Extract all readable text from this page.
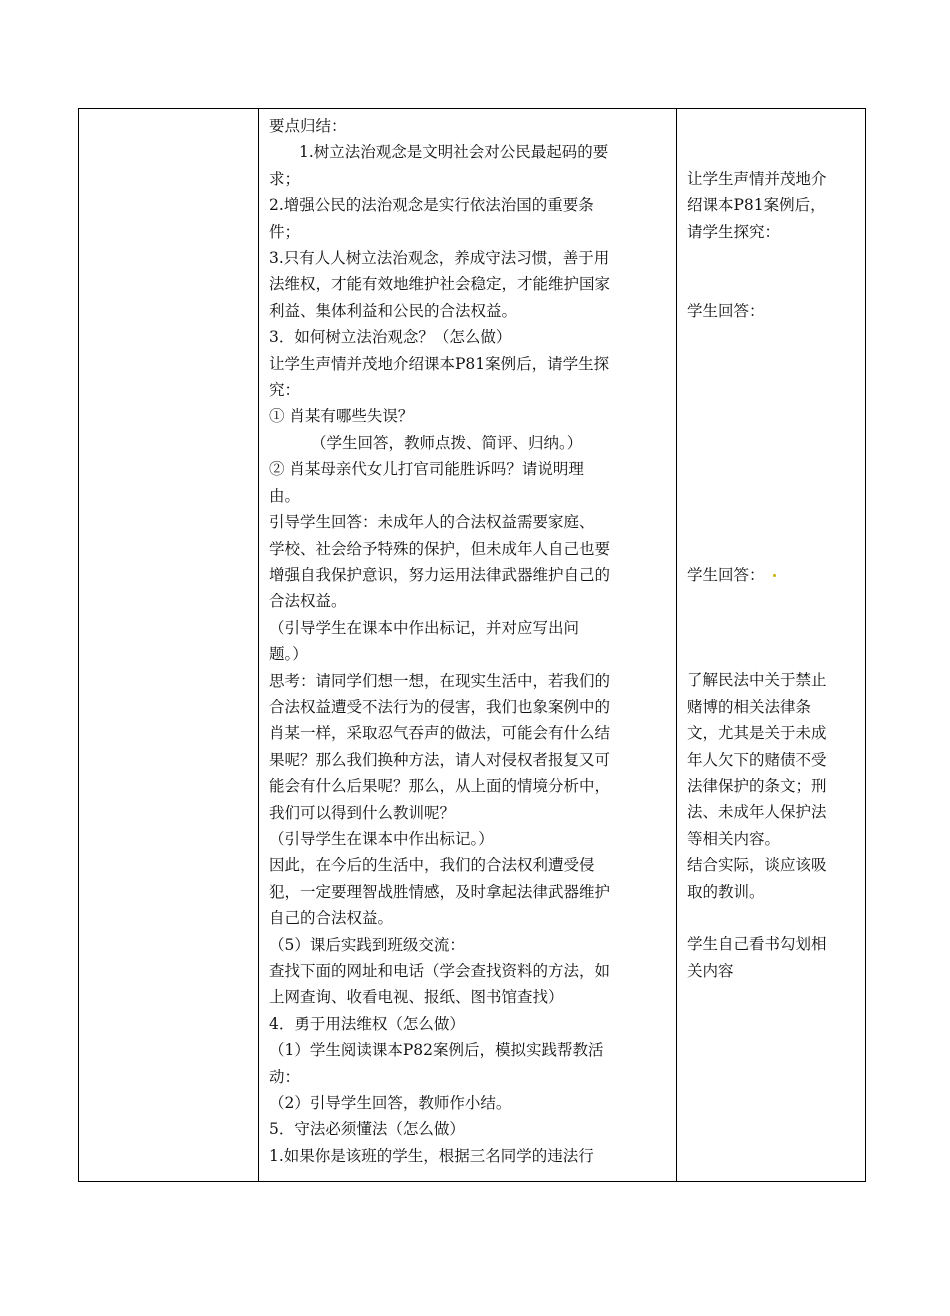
要点归结：

1.树立法治观念是文明社会对公民最起码的要

求；

2.增强公民的法治观念是实行依法治国的重要条

件；

3.只有人人树立法治观念，养成守法习惯，善于用

法维权，才能有效地维护社会稳定，才能维护国家

利益、集体利益和公民的合法权益。

3．如何树立法治观念？（怎么做）

让学生声情并茂地介绍课本P81案例后，请学生探

究：

① 肖某有哪些失误？

（学生回答，教师点拨、简评、归纳。）

② 肖某母亲代女儿打官司能胜诉吗？请说明理

由。

引导学生回答：未成年人的合法权益需要家庭、

学校、社会给予特殊的保护，但未成年人自己也要

增强自我保护意识，努力运用法律武器维护自己的

合法权益。

（引导学生在课本中作出标记，并对应写出问

题。）

思考：请同学们想一想，在现实生活中，若我们的

合法权益遭受不法行为的侵害，我们也象案例中的

肖某一样，采取忍气吞声的做法，可能会有什么结

果呢？那么我们换种方法，请人对侵权者报复又可

能会有什么后果呢？那么，从上面的情境分析中，

我们可以得到什么教训呢？

（引导学生在课本中作出标记。）

因此，在今后的生活中，我们的合法权利遭受侵

犯，一定要理智战胜情感，及时拿起法律武器维护

自己的合法权益。

（5）课后实践到班级交流：

查找下面的网址和电话（学会查找资料的方法，如

上网查询、收看电视、报纸、图书馆查找）

4．勇于用法维权（怎么做）

（1）学生阅读课本P82案例后，模拟实践帮教活

动：

（2）引导学生回答，教师作小结。

5．守法必须懂法（怎么做）

1.如果你是该班的学生，根据三名同学的违法行

让学生声情并茂地介

绍课本P81案例后，

请学生探究：

学生回答：

学生回答：

了解民法中关于禁止

赌博的相关法律条

文，尤其是关于未成

年人欠下的赌债不受

法律保护的条文；刑

法、未成年人保护法

等相关内容。

结合实际，谈应该吸

取的教训。

学生自己看书勾划相

关内容
